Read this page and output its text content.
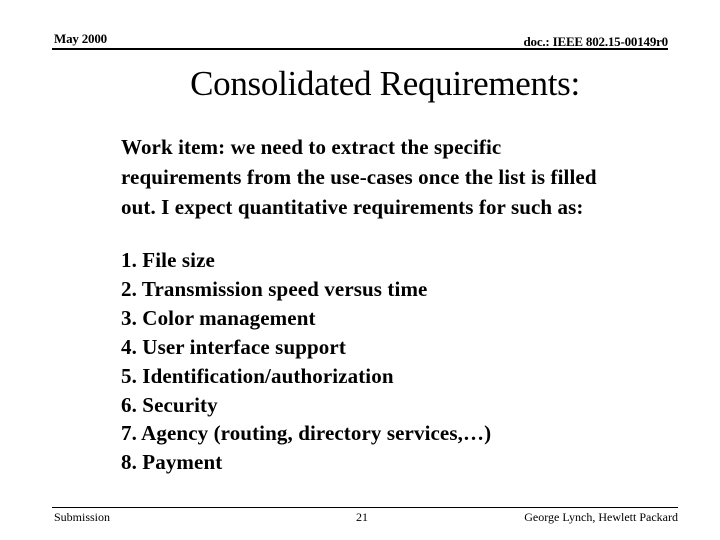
May 2000	doc.: IEEE 802.15-00149r0
Consolidated Requirements:
Work item: we need to extract the specific
requirements from the use-cases once the list is filled
out. I expect quantitative requirements for such as:
1. File size
2. Transmission speed versus time
3. Color management
4. User interface support
5. Identification/authorization
6. Security
7. Agency (routing, directory services,…)
8. Payment
Submission	21	George Lynch, Hewlett Packard
